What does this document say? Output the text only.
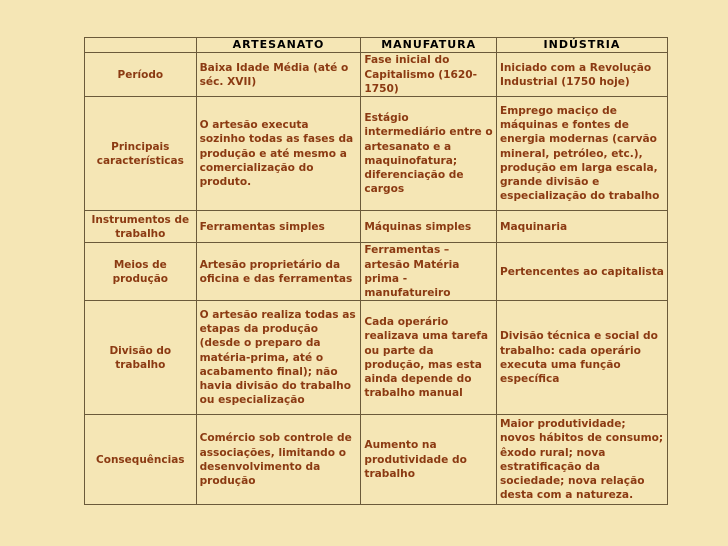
	ARTESANATO	MANUFATURA	INDÚSTRIA
Período	Baixa Idade Média (até o séc. XVII)	Fase inicial do Capitalismo (1620-1750)	Iniciado com a Revolução Industrial (1750 hoje)
Principais características	O artesão executa sozinho todas as fases da produção e até mesmo a comercialização do produto.	Estágio intermediário entre o artesanato e a maquinofatura; diferenciação de cargos	Emprego maciço de máquinas e fontes de energia modernas (carvão mineral, petróleo, etc.), produção em larga escala, grande divisão e especialização do trabalho
Instrumentos de trabalho	Ferramentas simples	Máquinas simples	Maquinaria
Meios de produção	Artesão proprietário da oficina e das ferramentas	Ferramentas – artesão Matéria prima - manufatureiro	Pertencentes ao capitalista
Divisão do trabalho	O artesão realiza todas as etapas da produção (desde o preparo da matéria-prima, até o acabamento final); não havia divisão do trabalho ou especialização	Cada operário realizava uma tarefa ou parte da produção, mas esta ainda depende do trabalho manual	Divisão técnica e social do trabalho: cada operário executa uma função específica
Consequências	Comércio sob controle de associações, limitando o desenvolvimento da produção	Aumento na produtividade do trabalho	Maior produtividade; novos hábitos de consumo; êxodo rural; nova estratificação da sociedade; nova relação desta com a natureza.
